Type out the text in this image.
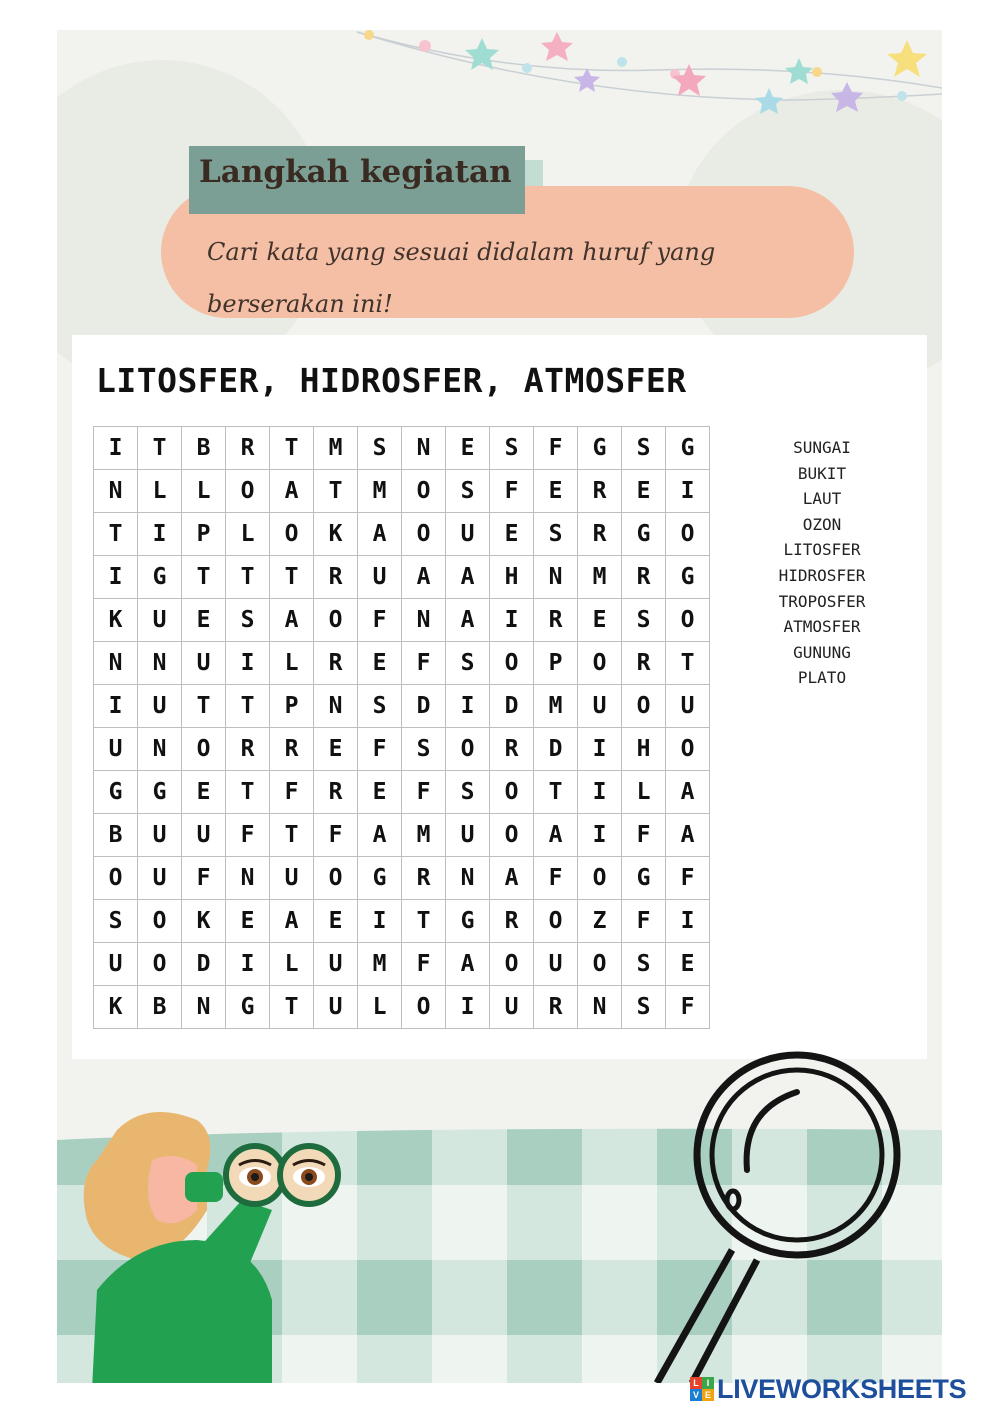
Langkah kegiatan
Cari kata yang sesuai didalam huruf yang berserakan ini!
LITOSFER, HIDROSFER, ATMOSFER
I	T	B	R	T	M	S	N	E	S	F	G	S	G
N	L	L	O	A	T	M	O	S	F	E	R	E	I
T	I	P	L	O	K	A	O	U	E	S	R	G	O
I	G	T	T	T	R	U	A	A	H	N	M	R	G
K	U	E	S	A	O	F	N	A	I	R	E	S	O
N	N	U	I	L	R	E	F	S	O	P	O	R	T
I	U	T	T	P	N	S	D	I	D	M	U	O	U
U	N	O	R	R	E	F	S	O	R	D	I	H	O
G	G	E	T	F	R	E	F	S	O	T	I	L	A
B	U	U	F	T	F	A	M	U	O	A	I	F	A
O	U	F	N	U	O	G	R	N	A	F	O	G	F
S	O	K	E	A	E	I	T	G	R	O	Z	F	I
U	O	D	I	L	U	M	F	A	O	U	O	S	E
K	B	N	G	T	U	L	O	I	U	R	N	S	F
SUNGAI
BUKIT
LAUT
OZON
LITOSFER
HIDROSFER
TROPOSFER
ATMOSFER
GUNUNG
PLATO
L I
V E LIVEWORKSHEETS
